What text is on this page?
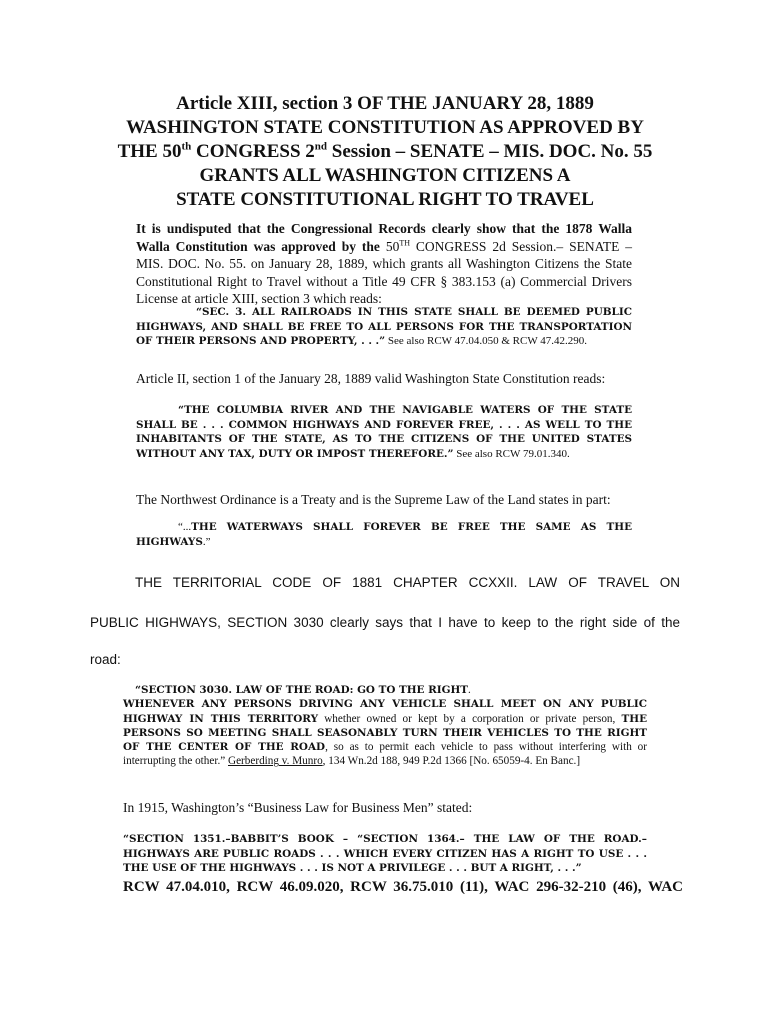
Article XIII, section 3 OF THE JANUARY 28, 1889
WASHINGTON STATE CONSTITUTION AS APPROVED BY
THE 50th CONGRESS 2nd Session – SENATE – MIS. DOC. No. 55
GRANTS ALL WASHINGTON CITIZENS A
STATE CONSTITUTIONAL RIGHT TO TRAVEL
It is undisputed that the Congressional Records clearly show that the 1878 Walla Walla Constitution was approved by the 50TH CONGRESS 2d Session.– SENATE – MIS. DOC. No. 55. on January 28, 1889, which grants all Washington Citizens the State Constitutional Right to Travel without a Title 49 CFR § 383.153 (a) Commercial Drivers License at article XIII, section 3 which reads:
“SEC. 3. ALL RAILROADS IN THIS STATE SHALL BE DEEMED PUBLIC HIGHWAYS, AND SHALL BE FREE TO ALL PERSONS FOR THE TRANSPORTATION OF THEIR PERSONS AND PROPERTY, . . .” See also RCW 47.04.050 & RCW 47.42.290.
Article II, section 1 of the January 28, 1889 valid Washington State Constitution reads:
“THE COLUMBIA RIVER AND THE NAVIGABLE WATERS OF THE STATE SHALL BE . . . COMMON HIGHWAYS AND FOREVER FREE, . . . AS WELL TO THE INHABITANTS OF THE STATE, AS TO THE CITIZENS OF THE UNITED STATES WITHOUT ANY TAX, DUTY OR IMPOST THEREFORE.” See also RCW 79.01.340.
The Northwest Ordinance is a Treaty and is the Supreme Law of the Land states in part:
“...THE WATERWAYS SHALL FOREVER BE FREE THE SAME AS THE HIGHWAYS.”
THE TERRITORIAL CODE OF 1881 CHAPTER CCXXII. LAW OF TRAVEL ON
PUBLIC HIGHWAYS, SECTION 3030 clearly says that I have to keep to the right side of the
road:
“SECTION 3030. LAW OF THE ROAD: GO TO THE RIGHT.
WHENEVER ANY PERSONS DRIVING ANY VEHICLE SHALL MEET ON ANY PUBLIC HIGHWAY IN THIS TERRITORY whether owned or kept by a corporation or private person, THE PERSONS SO MEETING SHALL SEASONABLY TURN THEIR VEHICLES TO THE RIGHT OF THE CENTER OF THE ROAD, so as to permit each vehicle to pass without interfering with or interrupting the other.” Gerberding v. Munro, 134 Wn.2d 188, 949 P.2d 1366 [No. 65059-4. En Banc.]
In 1915, Washington’s “Business Law for Business Men” stated:
“SECTION 1351.–BABBIT’S BOOK – “SECTION 1364.– THE LAW OF THE ROAD.– HIGHWAYS ARE PUBLIC ROADS . . . WHICH EVERY CITIZEN HAS A RIGHT TO USE . . . THE USE OF THE HIGHWAYS . . . IS NOT A PRIVILEGE . . . BUT A RIGHT, . . .”
RCW 47.04.010, RCW 46.09.020, RCW 36.75.010 (11), WAC 296-32-210 (46), WAC
